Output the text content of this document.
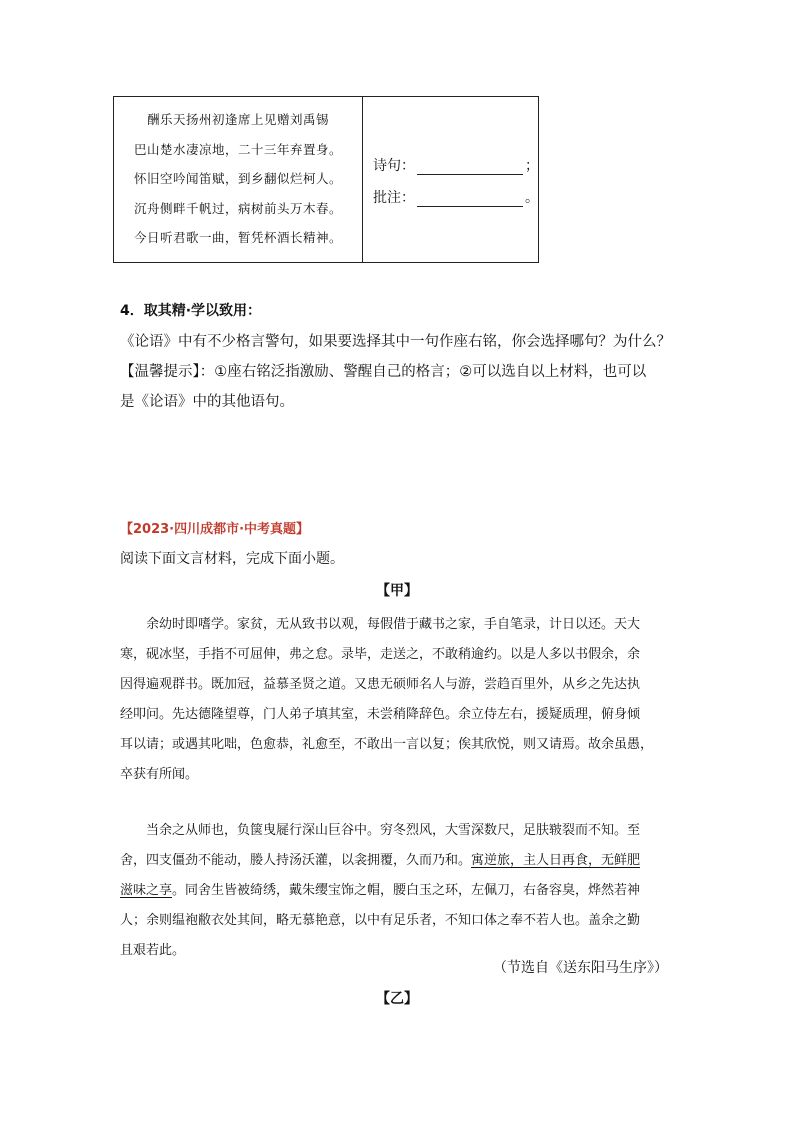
酬乐天扬州初逢席上见赠刘禹锡
巴山楚水凄凉地，二十三年弃置身。
怀旧空吟闻笛赋，到乡翻似烂柯人。
沉舟侧畔千帆过，病树前头万木春。
今日听君歌一曲，暂凭杯酒长精神。
诗句：	；
批注：	。
4．取其精·学以致用：
《论语》中有不少格言警句，如果要选择其中一句作座右铭，你会选择哪句？为什么？
【温馨提示】：①座右铭泛指激励、警醒自己的格言；②可以选自以上材料，也可以
是《论语》中的其他语句。
【2023·四川成都市·中考真题】
阅读下面文言材料，完成下面小题。
【甲】
余幼时即嗜学。家贫，无从致书以观，每假借于藏书之家，手自笔录，计日以还。天大
寒，砚冰坚，手指不可屈伸，弗之怠。录毕，走送之，不敢稍逾约。以是人多以书假余，余
因得遍观群书。既加冠，益慕圣贤之道。又患无硕师名人与游，尝趋百里外，从乡之先达执
经叩问。先达德隆望尊，门人弟子填其室，未尝稍降辞色。余立侍左右，援疑质理，俯身倾
耳以请；或遇其叱咄，色愈恭，礼愈至，不敢出一言以复；俟其欣悦，则又请焉。故余虽愚，
卒获有所闻。
当余之从师也，负箧曳屣行深山巨谷中。穷冬烈风，大雪深数尺，足肤皲裂而不知。至
舍，四支僵劲不能动，媵人持汤沃灌，以衾拥覆，久而乃和。寓逆旅，主人日再食，无鲜肥
滋味之享。同舍生皆被绮绣，戴朱缨宝饰之帽，腰白玉之环，左佩刀，右备容臭，烨然若神
人；余则缊袍敝衣处其间，略无慕艳意，以中有足乐者，不知口体之奉不若人也。盖余之勤
且艰若此。
（节选自《送东阳马生序》）
【乙】
